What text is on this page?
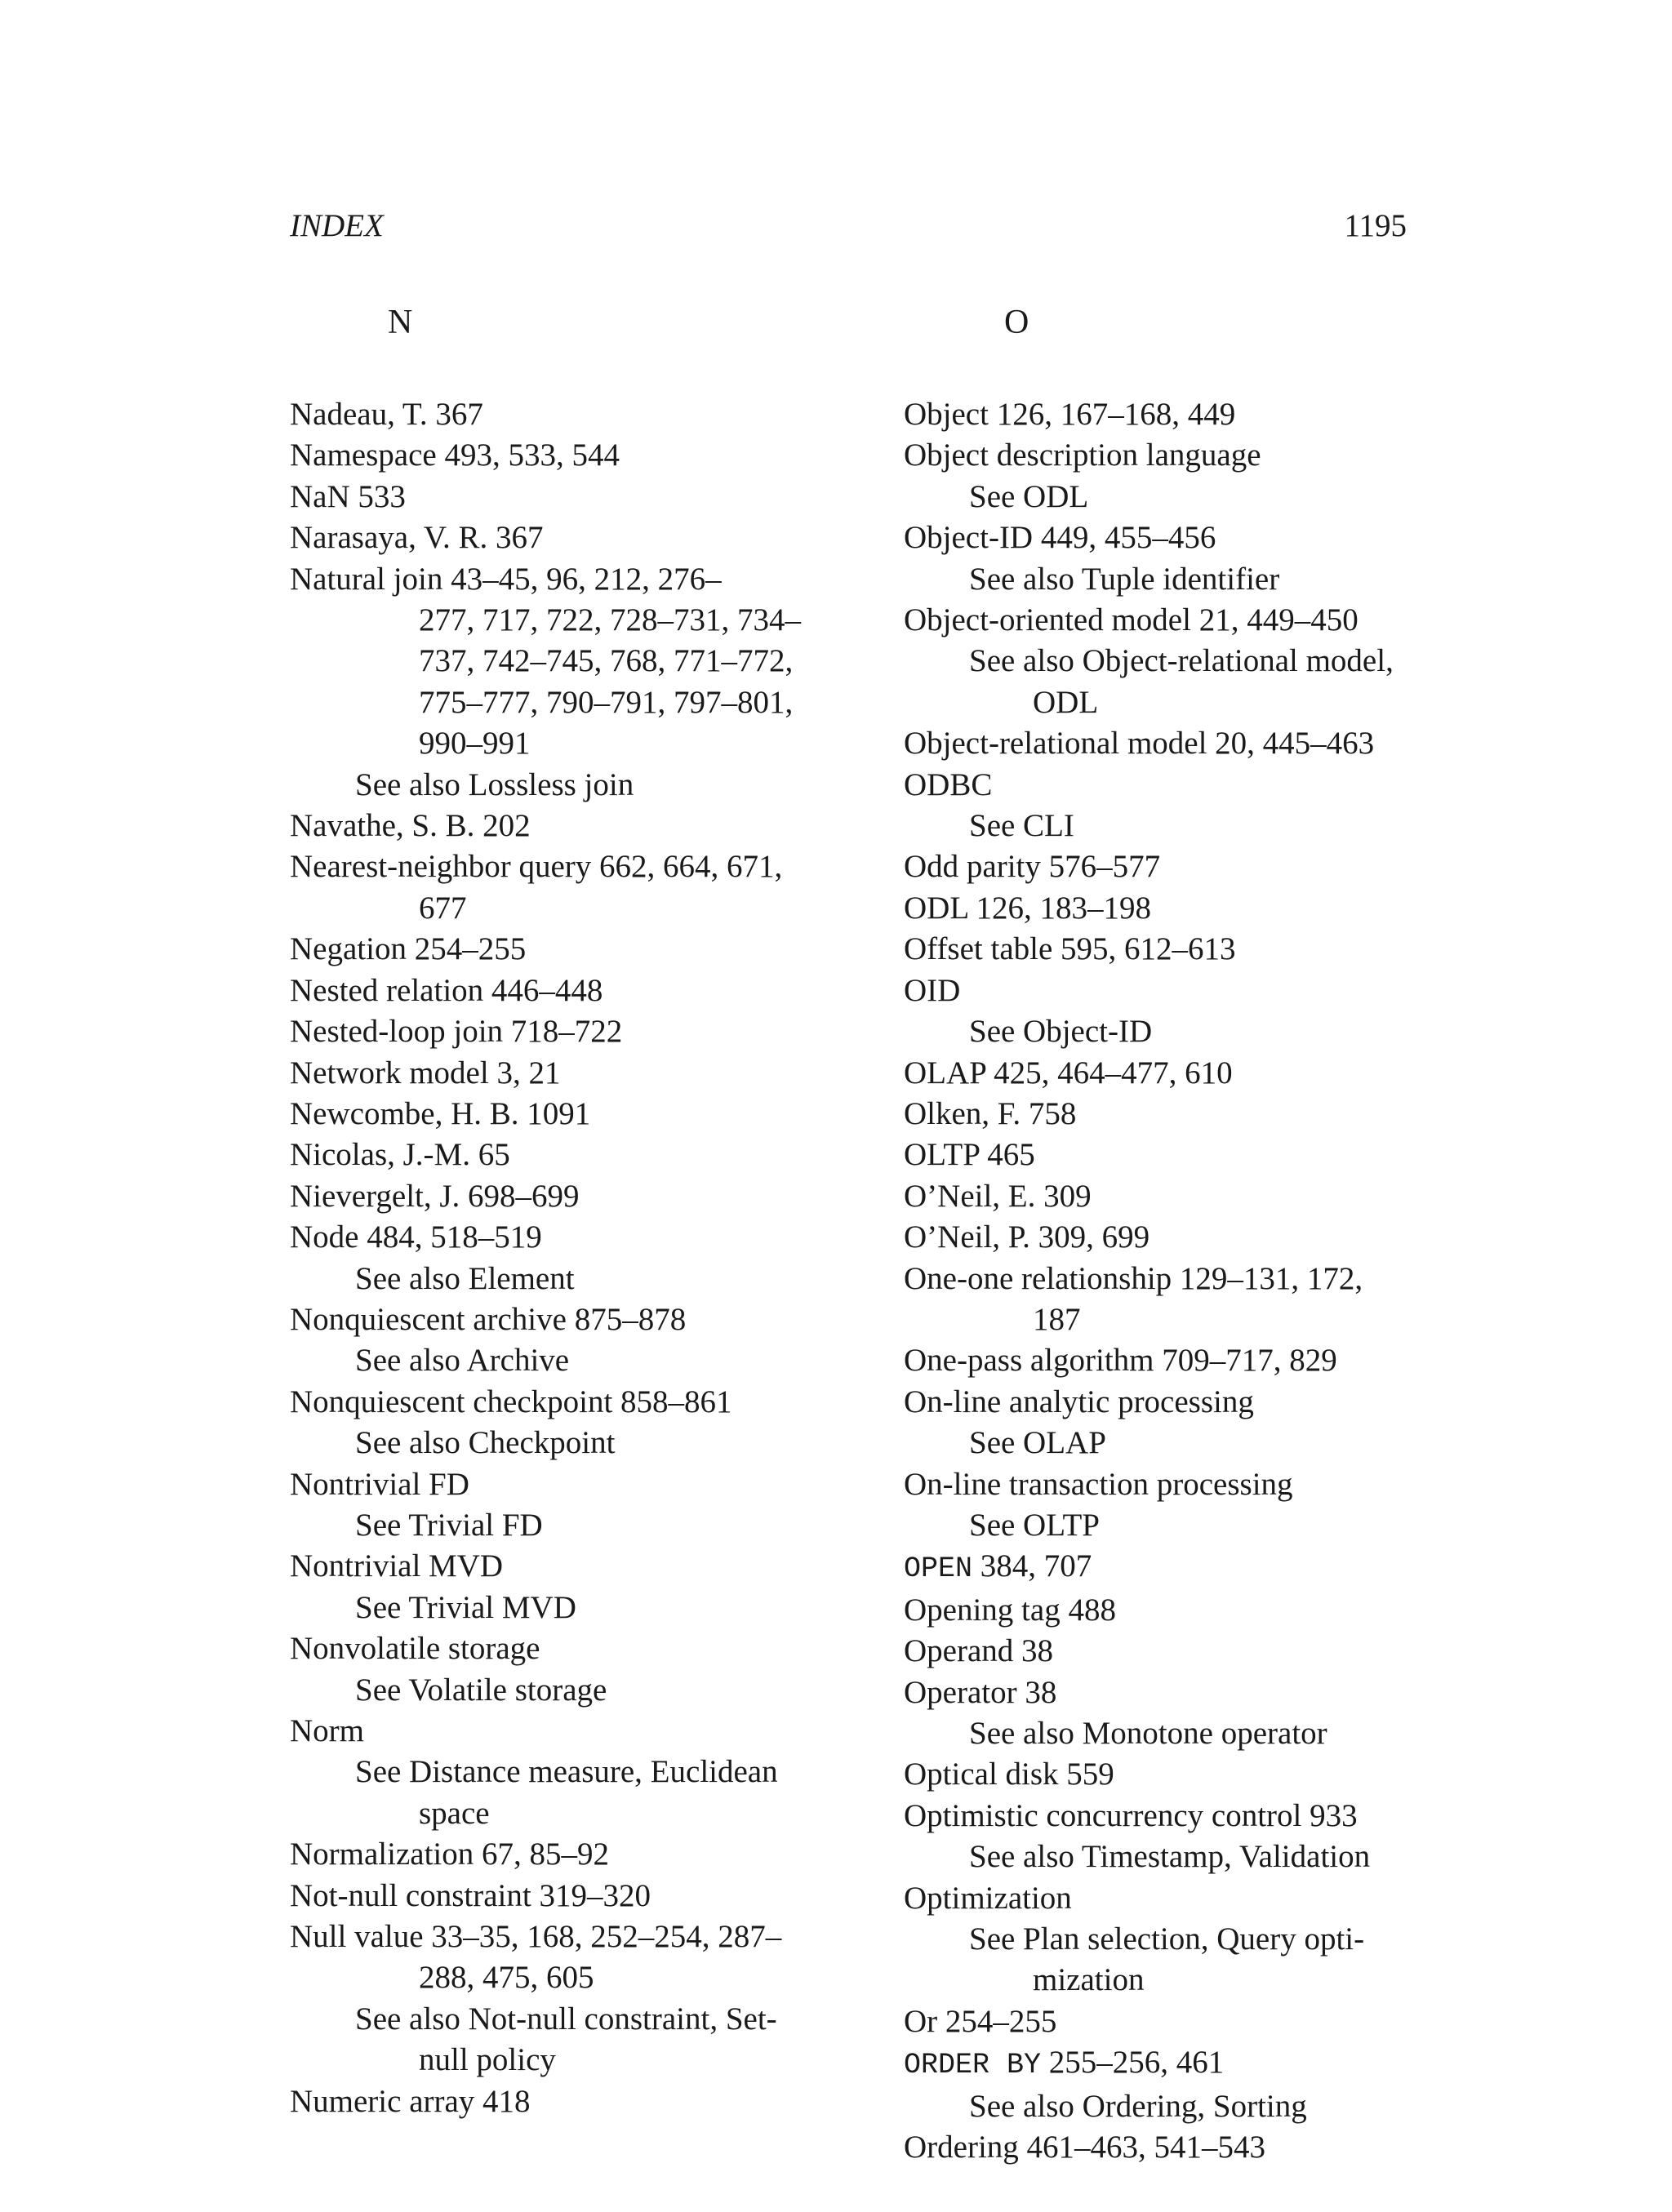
INDEX	1195
N
Nadeau, T. 367
Namespace 493, 533, 544
NaN 533
Narasaya, V. R. 367
Natural join 43–45, 96, 212, 276–
277, 717, 722, 728–731, 734–
737, 742–745, 768, 771–772,
775–777, 790–791, 797–801,
990–991
See also Lossless join
Navathe, S. B. 202
Nearest-neighbor query 662, 664, 671,
677
Negation 254–255
Nested relation 446–448
Nested-loop join 718–722
Network model 3, 21
Newcombe, H. B. 1091
Nicolas, J.-M. 65
Nievergelt, J. 698–699
Node 484, 518–519
See also Element
Nonquiescent archive 875–878
See also Archive
Nonquiescent checkpoint 858–861
See also Checkpoint
Nontrivial FD
See Trivial FD
Nontrivial MVD
See Trivial MVD
Nonvolatile storage
See Volatile storage
Norm
See Distance measure, Euclidean
space
Normalization 67, 85–92
Not-null constraint 319–320
Null value 33–35, 168, 252–254, 287–
288, 475, 605
See also Not-null constraint, Set-
null policy
Numeric array 418
O
Object 126, 167–168, 449
Object description language
See ODL
Object-ID 449, 455–456
See also Tuple identifier
Object-oriented model 21, 449–450
See also Object-relational model,
ODL
Object-relational model 20, 445–463
ODBC
See CLI
Odd parity 576–577
ODL 126, 183–198
Offset table 595, 612–613
OID
See Object-ID
OLAP 425, 464–477, 610
Olken, F. 758
OLTP 465
O’Neil, E. 309
O’Neil, P. 309, 699
One-one relationship 129–131, 172,
187
One-pass algorithm 709–717, 829
On-line analytic processing
See OLAP
On-line transaction processing
See OLTP
OPEN 384, 707
Opening tag 488
Operand 38
Operator 38
See also Monotone operator
Optical disk 559
Optimistic concurrency control 933
See also Timestamp, Validation
Optimization
See Plan selection, Query opti-
mization
Or 254–255
ORDER BY 255–256, 461
See also Ordering, Sorting
Ordering 461–463, 541–543
